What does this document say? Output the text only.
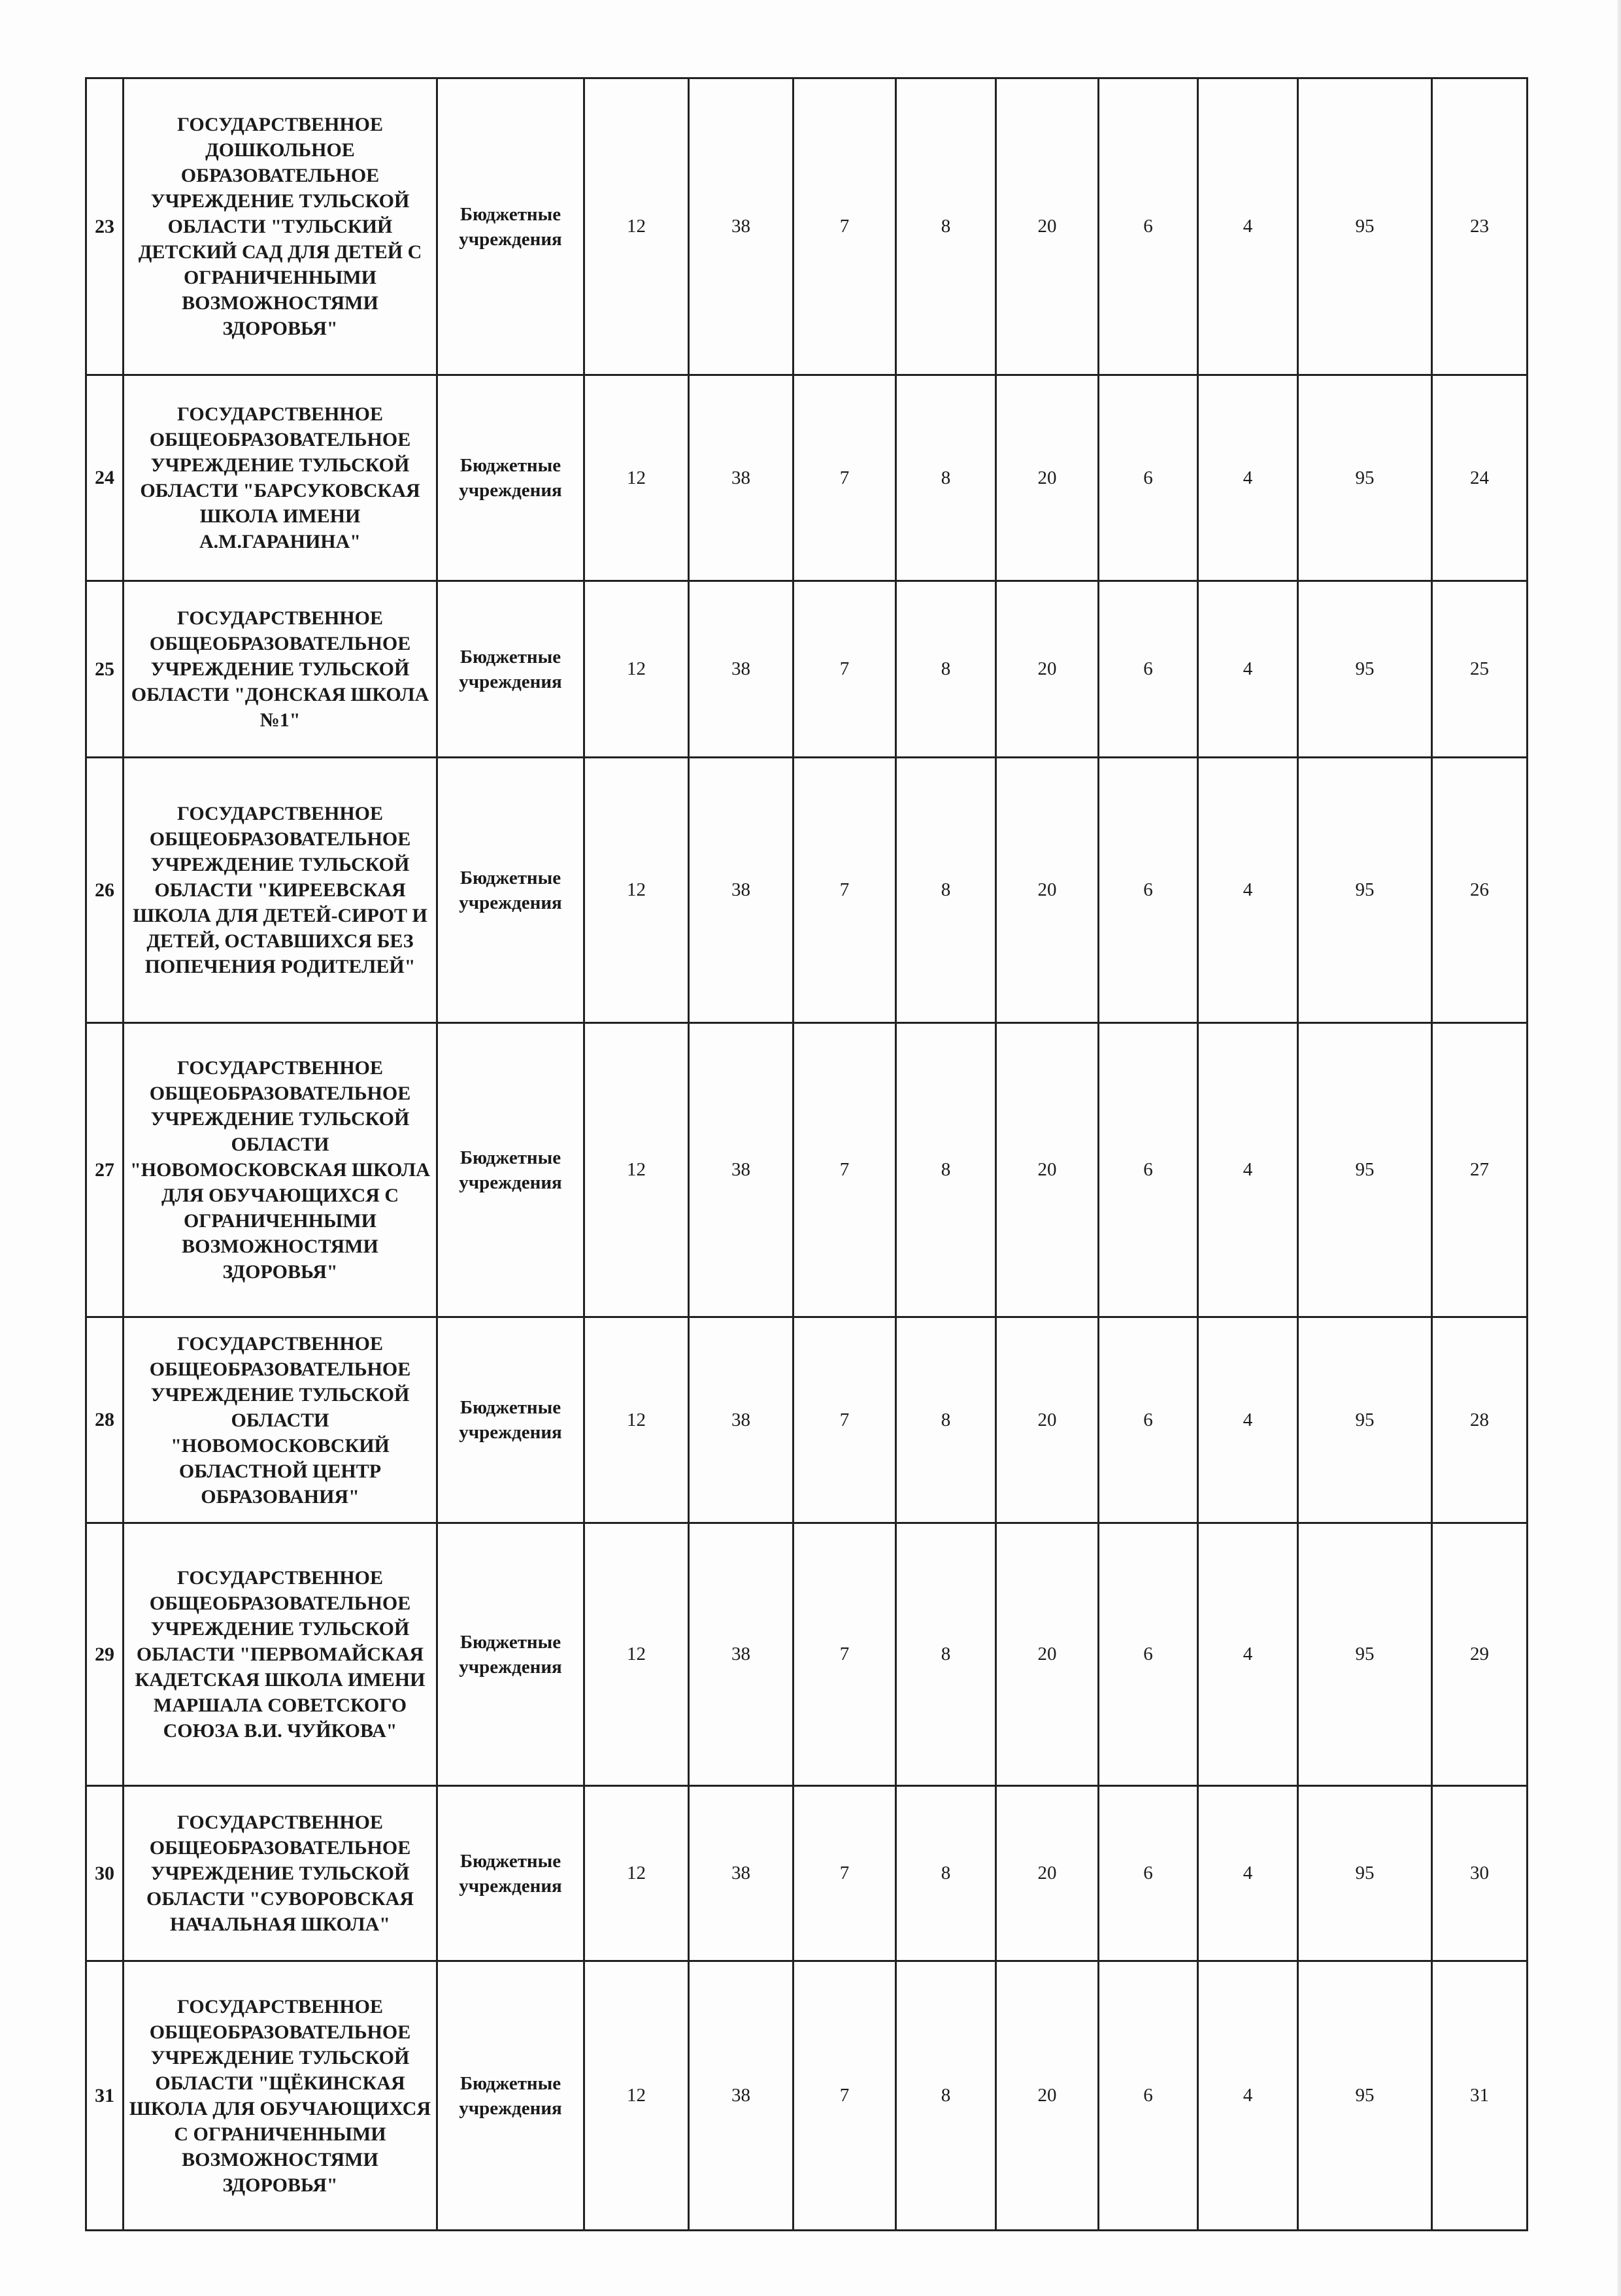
23	ГОСУДАРСТВЕННОЕ ДОШКОЛЬНОЕ ОБРАЗОВАТЕЛЬНОЕ УЧРЕЖДЕНИЕ ТУЛЬСКОЙ ОБЛАСТИ "ТУЛЬСКИЙ ДЕТСКИЙ САД ДЛЯ ДЕТЕЙ С ОГРАНИЧЕННЫМИ ВОЗМОЖНОСТЯМИ ЗДОРОВЬЯ"	Бюджетные учреждения	12	38	7	8	20	6	4	95	23
24	ГОСУДАРСТВЕННОЕ ОБЩЕОБРАЗОВАТЕЛЬНОЕ УЧРЕЖДЕНИЕ ТУЛЬСКОЙ ОБЛАСТИ "БАРСУКОВСКАЯ ШКОЛА ИМЕНИ А.М.ГАРАНИНА"	Бюджетные учреждения	12	38	7	8	20	6	4	95	24
25	ГОСУДАРСТВЕННОЕ ОБЩЕОБРАЗОВАТЕЛЬНОЕ УЧРЕЖДЕНИЕ ТУЛЬСКОЙ ОБЛАСТИ "ДОНСКАЯ ШКОЛА №1"	Бюджетные учреждения	12	38	7	8	20	6	4	95	25
26	ГОСУДАРСТВЕННОЕ ОБЩЕОБРАЗОВАТЕЛЬНОЕ УЧРЕЖДЕНИЕ ТУЛЬСКОЙ ОБЛАСТИ "КИРЕЕВСКАЯ ШКОЛА ДЛЯ ДЕТЕЙ-СИРОТ И ДЕТЕЙ, ОСТАВШИХСЯ БЕЗ ПОПЕЧЕНИЯ РОДИТЕЛЕЙ"	Бюджетные учреждения	12	38	7	8	20	6	4	95	26
27	ГОСУДАРСТВЕННОЕ ОБЩЕОБРАЗОВАТЕЛЬНОЕ УЧРЕЖДЕНИЕ ТУЛЬСКОЙ ОБЛАСТИ "НОВОМОСКОВСКАЯ ШКОЛА ДЛЯ ОБУЧАЮЩИХСЯ С ОГРАНИЧЕННЫМИ ВОЗМОЖНОСТЯМИ ЗДОРОВЬЯ"	Бюджетные учреждения	12	38	7	8	20	6	4	95	27
28	ГОСУДАРСТВЕННОЕ ОБЩЕОБРАЗОВАТЕЛЬНОЕ УЧРЕЖДЕНИЕ ТУЛЬСКОЙ ОБЛАСТИ "НОВОМОСКОВСКИЙ ОБЛАСТНОЙ ЦЕНТР ОБРАЗОВАНИЯ"	Бюджетные учреждения	12	38	7	8	20	6	4	95	28
29	ГОСУДАРСТВЕННОЕ ОБЩЕОБРАЗОВАТЕЛЬНОЕ УЧРЕЖДЕНИЕ ТУЛЬСКОЙ ОБЛАСТИ "ПЕРВОМАЙСКАЯ КАДЕТСКАЯ ШКОЛА ИМЕНИ МАРШАЛА СОВЕТСКОГО СОЮЗА В.И. ЧУЙКОВА"	Бюджетные учреждения	12	38	7	8	20	6	4	95	29
30	ГОСУДАРСТВЕННОЕ ОБЩЕОБРАЗОВАТЕЛЬНОЕ УЧРЕЖДЕНИЕ ТУЛЬСКОЙ ОБЛАСТИ "СУВОРОВСКАЯ НАЧАЛЬНАЯ ШКОЛА"	Бюджетные учреждения	12	38	7	8	20	6	4	95	30
31	ГОСУДАРСТВЕННОЕ ОБЩЕОБРАЗОВАТЕЛЬНОЕ УЧРЕЖДЕНИЕ ТУЛЬСКОЙ ОБЛАСТИ "ЩЁКИНСКАЯ ШКОЛА ДЛЯ ОБУЧАЮЩИХСЯ С ОГРАНИЧЕННЫМИ ВОЗМОЖНОСТЯМИ ЗДОРОВЬЯ"	Бюджетные учреждения	12	38	7	8	20	6	4	95	31
